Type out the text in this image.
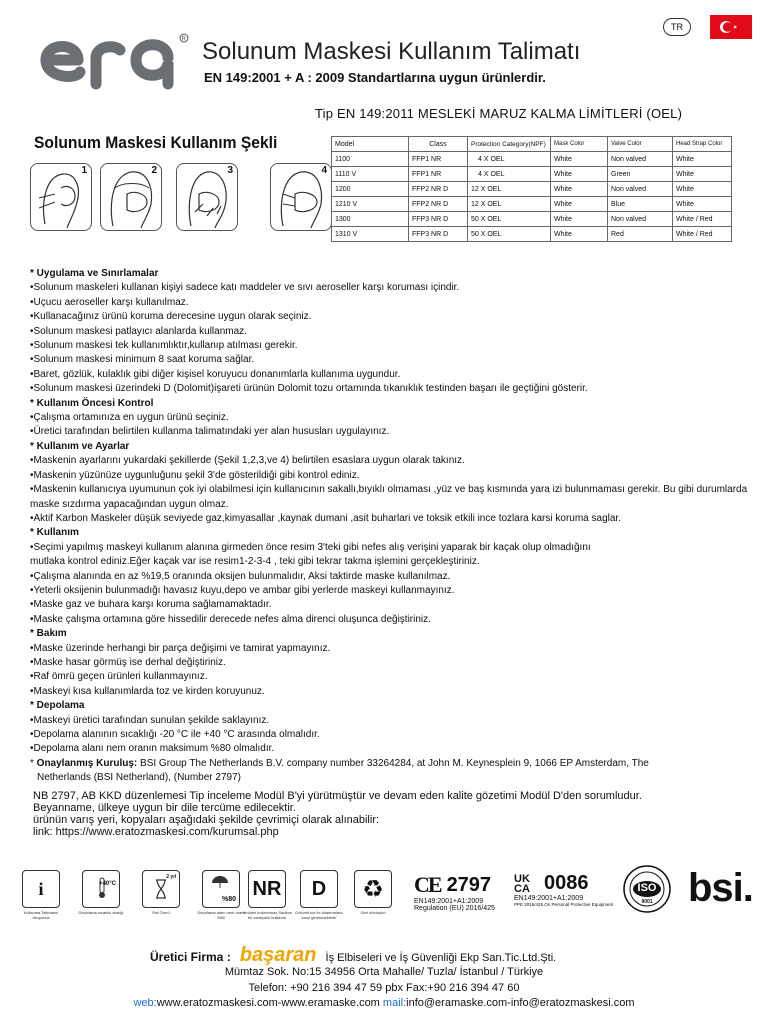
R Solunum Maskesi Kullanım Talimatı
EN 149:2001 + A : 2009 Standartlarına uygun ürünlerdir.
TR
Tip EN 149:2011 MESLEKİ MARUZ KALMA LİMİTLERİ (OEL)
Solunum Maskesi Kullanım Şekli
1	2	3	4
Model	Class	Protection Category(NPF)	Mask Color	Valve Color	Head Strap Color
1100	FFP1 NR	4 X OEL	White	Non valved	White
1110 V	FFP1 NR	4 X OEL	White	Green	White
1200	FFP2 NR D	12 X OEL	White	Non valved	White
1210 V	FFP2 NR D	12 X OEL	White	Blue	White
1300	FFP3 NR D	50 X OEL	White	Non valved	White / Red
1310 V	FFP3 NR D	50 X OEL	White	Red	White / Red
* Uygulama ve Sınırlamalar
•Solunum maskeleri kullanan kişiyi sadece katı maddeler ve sıvı aeroseller karşı koruması içindir.
•Uçucu aeroseller karşı kullanılmaz.
•Kullanacağınız ürünü koruma derecesine uygun olarak seçiniz.
•Solunum maskesi patlayıcı alanlarda kullanmaz.
•Solunum maskesi tek kullanımlıktır,kullanıp atılması gerekir.
•Solunum maskesi minimum 8 saat koruma sağlar.
•Baret, gözlük, kulaklık gibi diğer kişisel koruyucu donanımlarla kullanıma uygundur.
•Solunum maskesi üzerindeki D (Dolomit)işareti ürünün Dolomit tozu ortamında tıkanıklık testinden başarı ile geçtiğini gösterir.
* Kullanım Öncesi Kontrol
•Çalışma ortamınıza en uygun ürünü seçiniz.
•Üretici tarafından belirtilen kullanma talimatındaki yer alan hususları uygulayınız.
* Kullanım ve Ayarlar
•Maskenin ayarlarını yukardaki şekillerde (Şekil 1,2,3,ve 4) belirtilen esaslara uygun olarak takınız.
•Maskenin yüzünüze uygunluğunu şekil 3'de gösterildiği gibi kontrol ediniz.
•Maskenin kullanıcıya uyumunun çok iyi olabilmesi için kullanıcının sakallı,bıyıklı olmaması ,yüz ve baş kısmında yara izi bulunmaması gerekir. Bu gibi durumlarda maske sızdırma yapacağından uygun olmaz.
•Aktif Karbon Maskeler düşük seviyede gaz,kimyasallar ,kaynak dumani ,asit buharlari ve toksik etkili ince tozlara karsi koruma saglar.
* Kullanım
•Seçimi yapılmış maskeyi kullanım alanına girmeden önce resim 3'teki gibi nefes alış verişini yaparak bir kaçak olup olmadığını
mutlaka kontrol ediniz.Eğer kaçak var ise resim1-2-3-4 , teki gibi tekrar takma işlemini gerçekleştiriniz.
•Çalışma alanında en az %19,5 oranında oksijen bulunmalıdır, Aksi taktirde maske kullanılmaz.
•Yeterli oksijenin bulunmadığı havasız kuyu,depo ve ambar gibi yerlerde maskeyi kullanmayınız.
•Maske gaz ve buhara karşı koruma sağlamamaktadır.
•Maske çalışma ortamına göre hissedilir derecede nefes alma direnci oluşunca değiştiriniz.
* Bakım
•Maske üzerinde herhangi bir parça değişimi ve tamirat yapmayınız.
•Maske hasar görmüş ise derhal değiştiriniz.
•Raf ömrü geçen ürünleri kullanmayınız.
•Maskeyi kısa kullanımlarda toz ve kirden koruyunuz.
* Depolama
•Maskeyi üretici tarafından sunulan şekilde saklayınız.
•Depolama alanının sıcaklığı -20 °C ile +40 °C arasında olmalıdır.
•Depolama alanı nem oranın maksimum %80 olmalıdır.
* Onaylanmış Kuruluş: BSI Group The Netherlands B.V. company number 33264284, at John M. Keynesplein 9, 1066 EP Amsterdam, The
Netherlands (BSI Netherland), (Number 2797)
NB 2797, AB KKD düzenlemesi Tip inceleme Modül B'yi yürütmüştür ve devam eden kalite gözetimi Modül D'den sorumludur.
Beyanname, ülkeye uygun bir dile tercüme edilecektir.
ürünün varış yeri, kopyaları aşağıdaki şekilde çevrimiçi olarak alınabilir:
link: https://www.eratozmaskesi.com/kurumsal.php
i
Kullanma Talimatını okuyunuz
+40°C
Depolama sıcaklık aralığı
2 yıl
Raf Ömrü
%80
Depolama alanı nem oranı %80
NR
Yeniden kullanılmaz Sadece bir vardiyalık kullanım
D
Dolomit toz ile tıkanmalara karşı gerekmektedir
♻
Geri dönüşüm
CE 2797
EN149:2001+A1:2009
Regulation (EU) 2016/425
UK CA 0086
EN149:2001+A1:2009
PPE 2016/425 On Personal Protective Equipment
ISO
9001 bsi.
Üretici Firma : başaran İş Elbiseleri ve İş Güvenliği Ekp San.Tic.Ltd.Şti.
Mümtaz Sok. No:15 34956 Orta Mahalle/ Tuzla/ İstanbul / Türkiye
Telefon: +90 216 394 47 59 pbx Fax:+90 216 394 47 60
web:www.eratozmaskesi.com-www.eramaske.com mail:info@eramaske.com-info@eratozmaskesi.com
